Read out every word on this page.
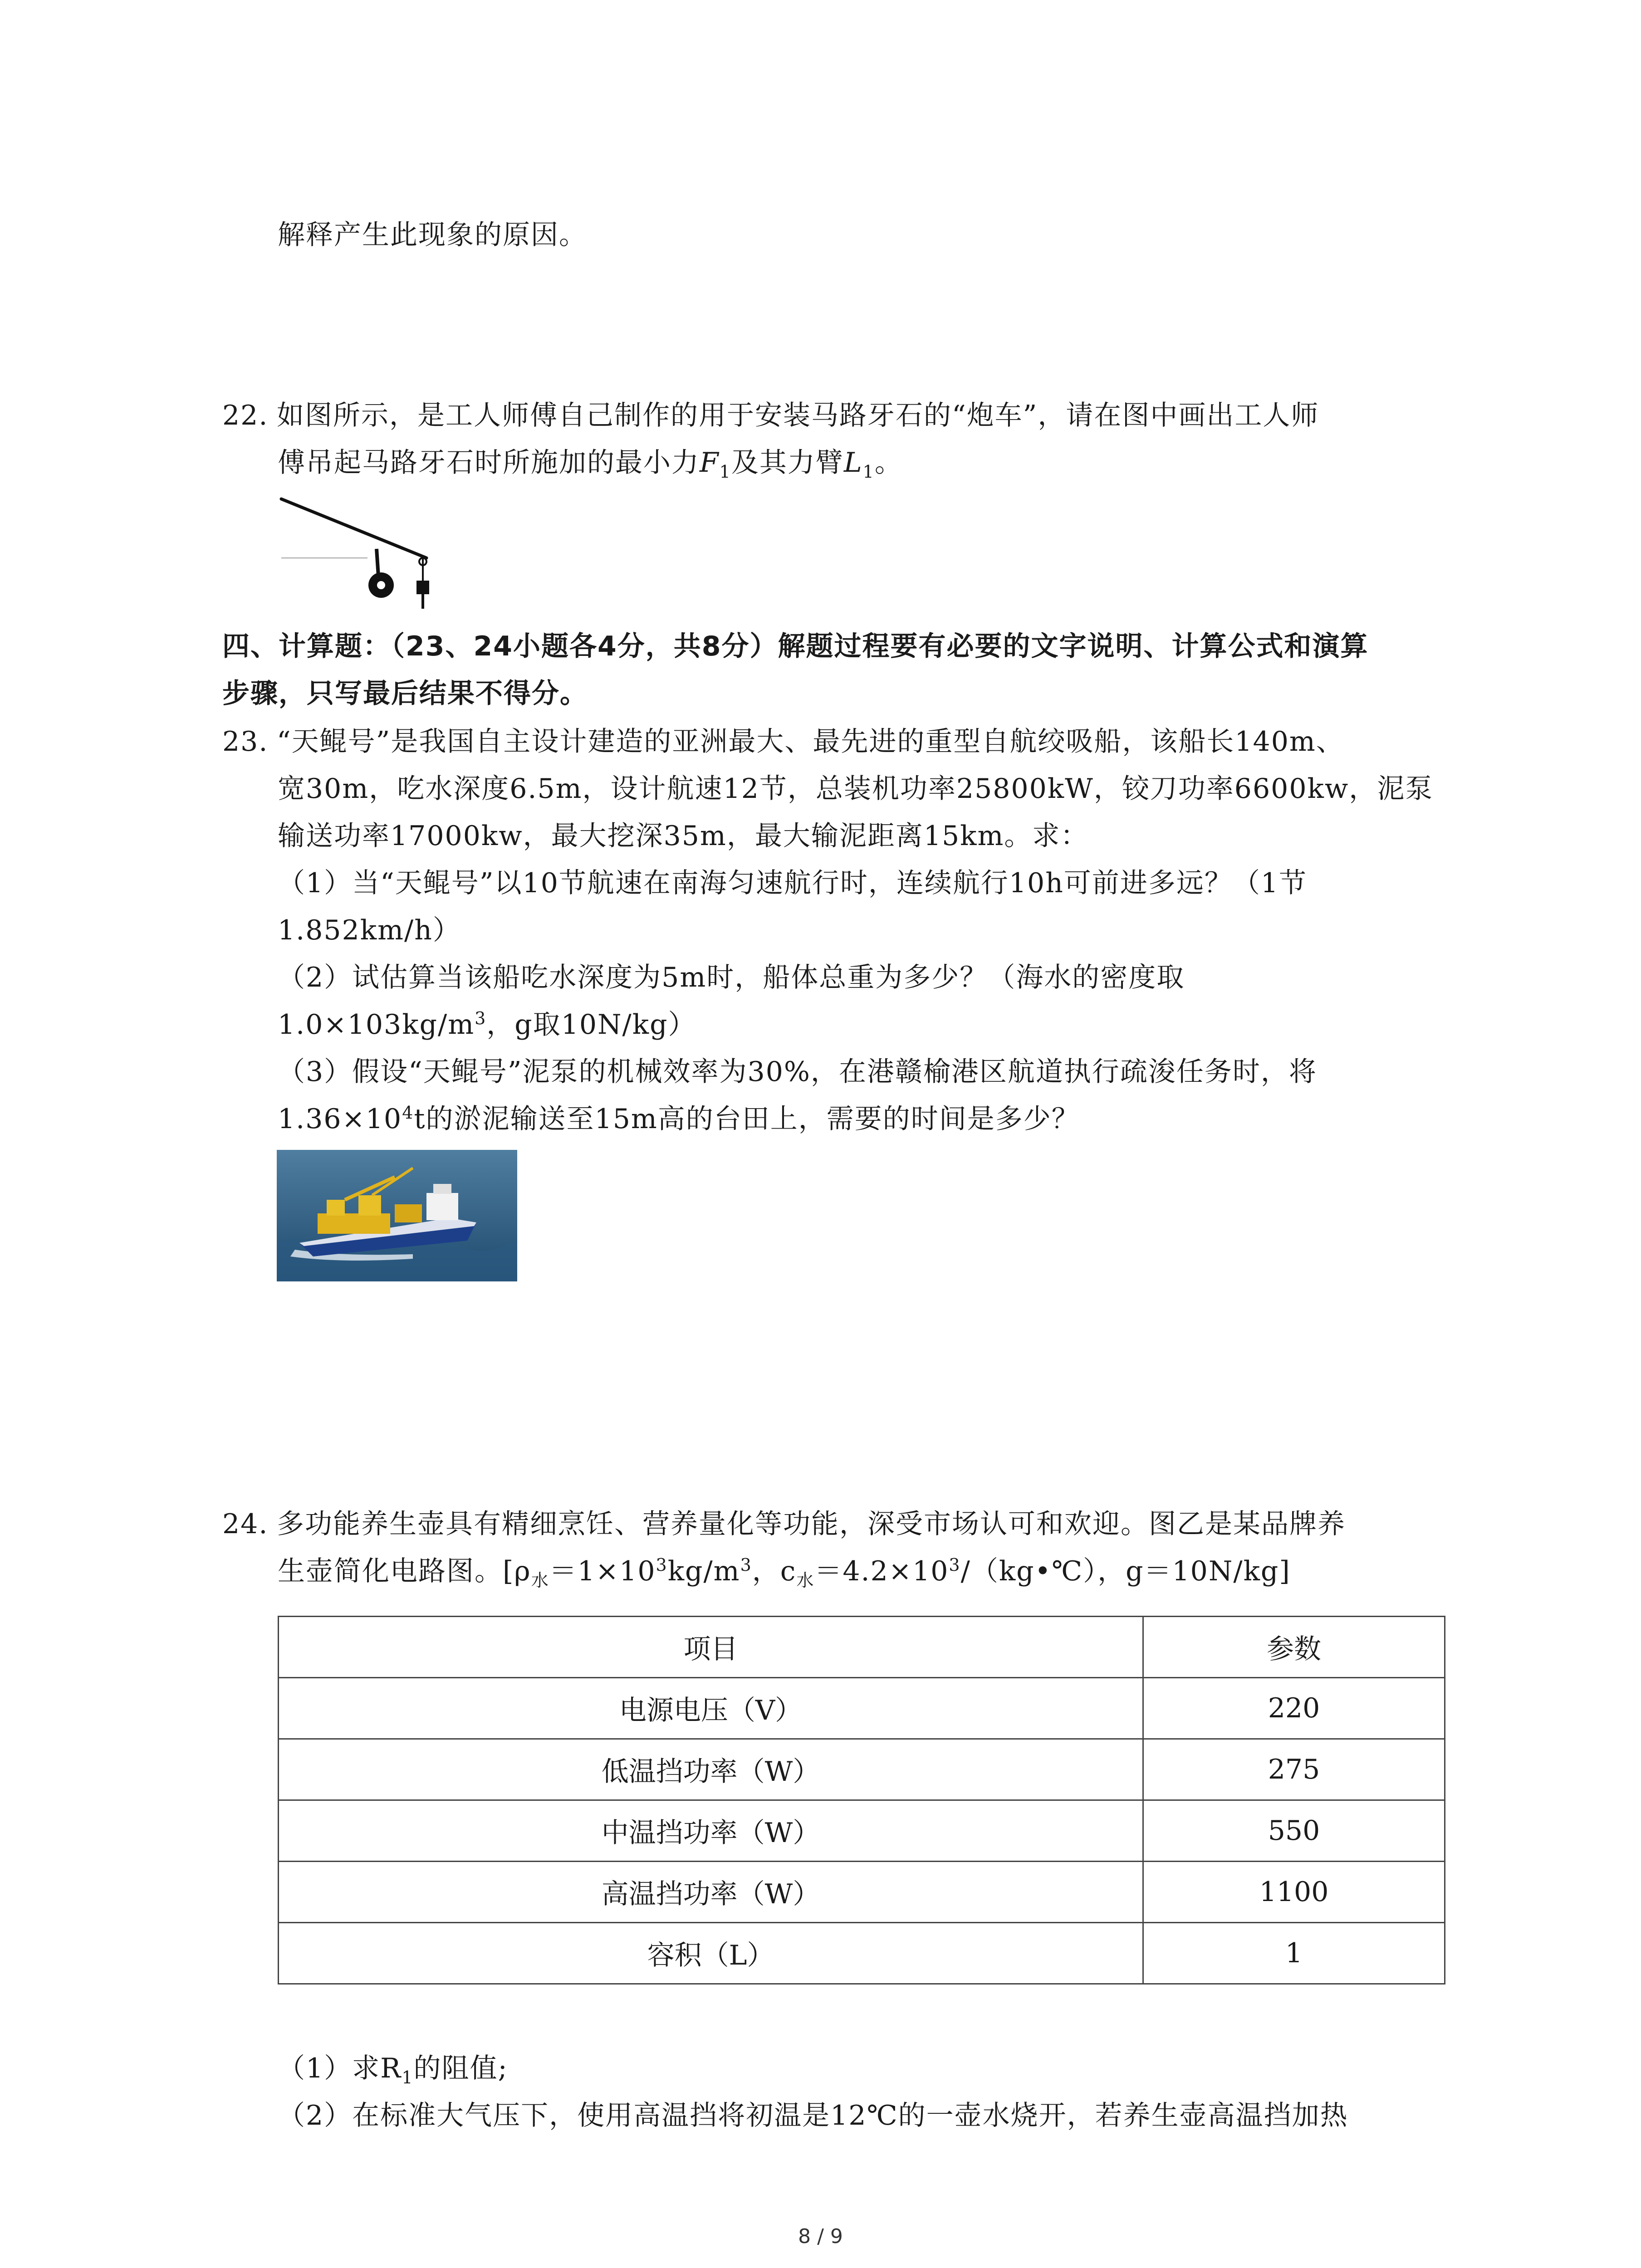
解释产生此现象的原因。
22. 如图所示，是工人师傅自己制作的用于安装马路牙石的“炮车”，请在图中画出工人师
傅吊起马路牙石时所施加的最小力$F_1$及其力臂$L_1$。
四、计算题：（23、24小题各4分，共8分）解题过程要有必要的文字说明、计算公式和演算
步骤，只写最后结果不得分。
23. “天鲲号”是我国自主设计建造的亚洲最大、最先进的重型自航绞吸船，该船长140m、
宽30m，吃水深度6.5m，设计航速12节，总装机功率25800kW，铰刀功率6600kw，泥泵
输送功率17000kw，最大挖深35m，最大输泥距离15km。求：
（1）当“天鲲号”以10节航速在南海匀速航行时，连续航行10h可前进多远？（1节
1.852km/h）
（2）试估算当该船吃水深度为5m时，船体总重为多少？（海水的密度取
$1.0\times 103kg/m^3$，g取10N/kg）
（3）假设“天鲲号”泥泵的机械效率为30%，在港赣榆港区航道执行疏浚任务时，将
$1.36\times 10^4t$的淤泥输送至15m高的台田上，需要的时间是多少？
24. 多功能养生壶具有精细烹饪、营养量化等功能，深受市场认可和欢迎。图乙是某品牌养
生壶简化电路图。[$\rho_水=1\times 10^3kg/m^3$，$c_水=4.2\times 10^3/(kg•℃)$，g＝10N/kg]
项目	参数
电源电压（V）	220
低温挡功率（W）	275
中温挡功率（W）	550
高温挡功率（W）	1100
容积（L）	1
（1）求$R_1$的阻值;
（2）在标准大气压下，使用高温挡将初温是12℃的一壶水烧开，若养生壶高温挡加热
8 / 9
